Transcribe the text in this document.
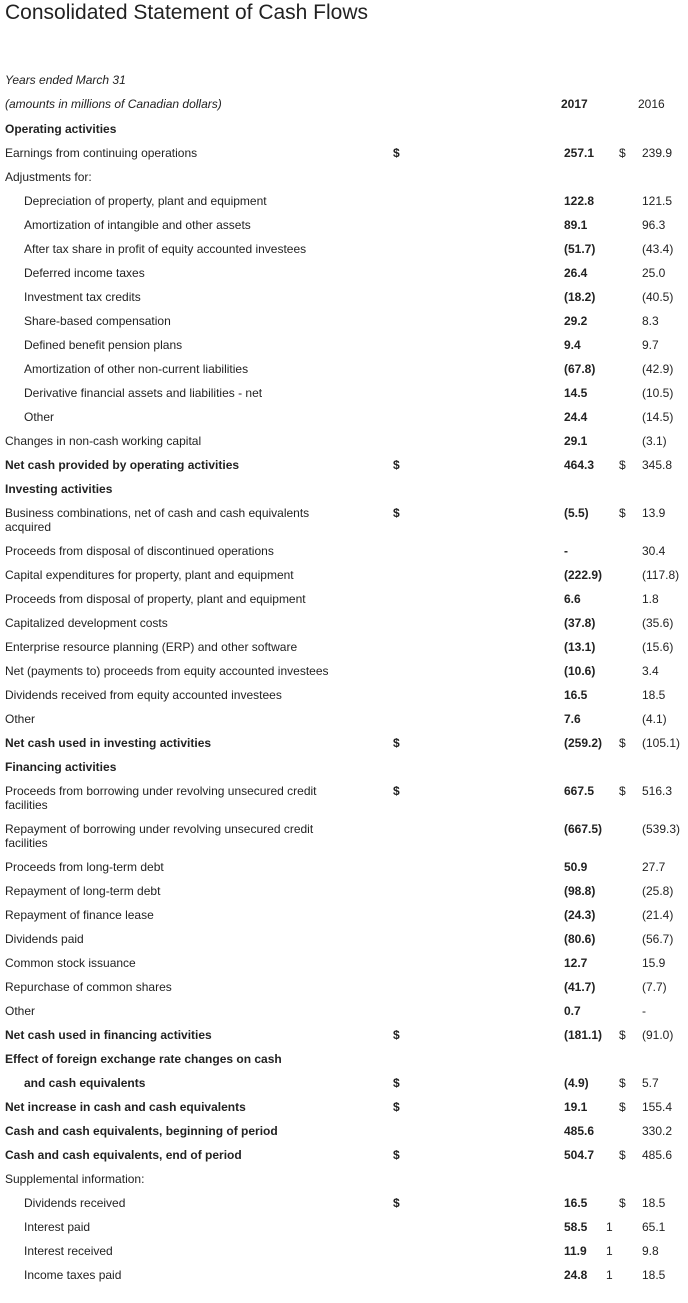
Consolidated Statement of Cash Flows
Years ended March 31
(amounts in millions of Canadian dollars)	2017	2016
Operating activities
Earnings from continuing operations	$	257.1 $ 239.9
Adjustments for:
Depreciation of property, plant and equipment	122.8	121.5
Amortization of intangible and other assets	89.1	96.3
After tax share in profit of equity accounted investees	(51.7)	(43.4)
Deferred income taxes	26.4	25.0
Investment tax credits	(18.2)	(40.5)
Share-based compensation	29.2	8.3
Defined benefit pension plans	9.4	9.7
Amortization of other non-current liabilities	(67.8)	(42.9)
Derivative financial assets and liabilities - net	14.5	(10.5)
Other	24.4	(14.5)
Changes in non-cash working capital	29.1	(3.1)
Net cash provided by operating activities	$	464.3 $ 345.8
Investing activities
Business combinations, net of cash and cash equivalents acquired
$	(5.5)	$ 13.9
Proceeds from disposal of discontinued operations	-	30.4
Capital expenditures for property, plant and equipment	(222.9)	(117.8)
Proceeds from disposal of property, plant and equipment	6.6	1.8
Capitalized development costs	(37.8)	(35.6)
Enterprise resource planning (ERP) and other software	(13.1)	(15.6)
Net (payments to) proceeds from equity accounted investees	(10.6)	3.4
Dividends received from equity accounted investees	16.5	18.5
Other	7.6	(4.1)
Net cash used in investing activities	$	(259.2) $ (105.1)
Financing activities
Proceeds from borrowing under revolving unsecured credit facilities
$	667.5 $ 516.3
Repayment of borrowing under revolving unsecured credit facilities
(667.5)	(539.3)
Proceeds from long-term debt	50.9	27.7
Repayment of long-term debt	(98.8)	(25.8)
Repayment of finance lease	(24.3)	(21.4)
Dividends paid	(80.6)	(56.7)
Common stock issuance	12.7	15.9
Repurchase of common shares	(41.7)	(7.7)
Other	0.7	-
Net cash used in financing activities	$	(181.1) $ (91.0)
Effect of foreign exchange rate changes on cash
and cash equivalents	$	(4.9)	$ 5.7
Net increase in cash and cash equivalents	$	19.1	$ 155.4
Cash and cash equivalents, beginning of period	485.6	330.2
Cash and cash equivalents, end of period	$	504.7 $ 485.6
Supplemental information:
Dividends received	$	16.5	$ 18.5
Interest paid	58.5 1 65.1
Interest received	11.9 1 9.8
Income taxes paid	24.8 1 18.5
